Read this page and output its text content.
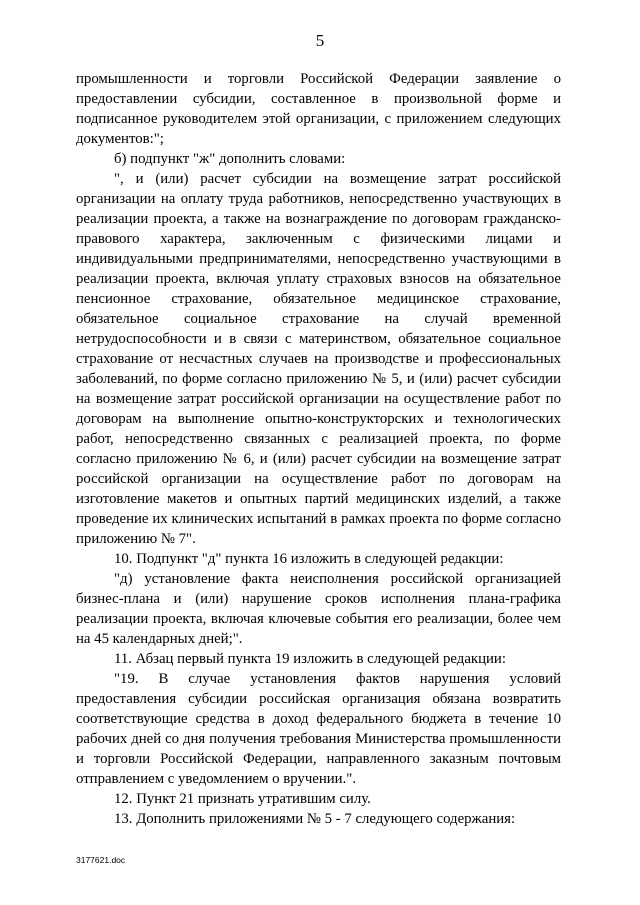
5

промышленности и торговли Российской Федерации заявление о предоставлении субсидии, составленное в произвольной форме и подписанное руководителем этой организации, с приложением следующих документов:";

б) подпункт "ж" дополнить словами:

", и (или) расчет субсидии на возмещение затрат российской организации на оплату труда работников, непосредственно участвующих в реализации проекта, а также на вознаграждение по договорам гражданско-правового характера, заключенным с физическими лицами и индивидуальными предпринимателями, непосредственно участвующими в реализации проекта, включая уплату страховых взносов на обязательное пенсионное страхование, обязательное медицинское страхование, обязательное социальное страхование на случай временной нетрудоспособности и в связи с материнством, обязательное социальное страхование от несчастных случаев на производстве и профессиональных заболеваний, по форме согласно приложению № 5, и (или) расчет субсидии на возмещение затрат российской организации на осуществление работ по договорам на выполнение опытно-конструкторских и технологических работ, непосредственно связанных с реализацией проекта, по форме согласно приложению № 6, и (или) расчет субсидии на возмещение затрат российской организации на осуществление работ по договорам на изготовление макетов и опытных партий медицинских изделий, а также проведение их клинических испытаний в рамках проекта по форме согласно приложению № 7".

10. Подпункт "д" пункта 16 изложить в следующей редакции:

"д) установление факта неисполнения российской организацией бизнес-плана и (или) нарушение сроков исполнения плана-графика реализации проекта, включая ключевые события его реализации, более чем на 45 календарных дней;".

11. Абзац первый пункта 19 изложить в следующей редакции:

"19. В случае установления фактов нарушения условий предоставления субсидии российская организация обязана возвратить соответствующие средства в доход федерального бюджета в течение 10 рабочих дней со дня получения требования Министерства промышленности и торговли Российской Федерации, направленного заказным почтовым отправлением с уведомлением о вручении.".

12. Пункт 21 признать утратившим силу.

13. Дополнить приложениями № 5 - 7 следующего содержания:

3177621.doc
